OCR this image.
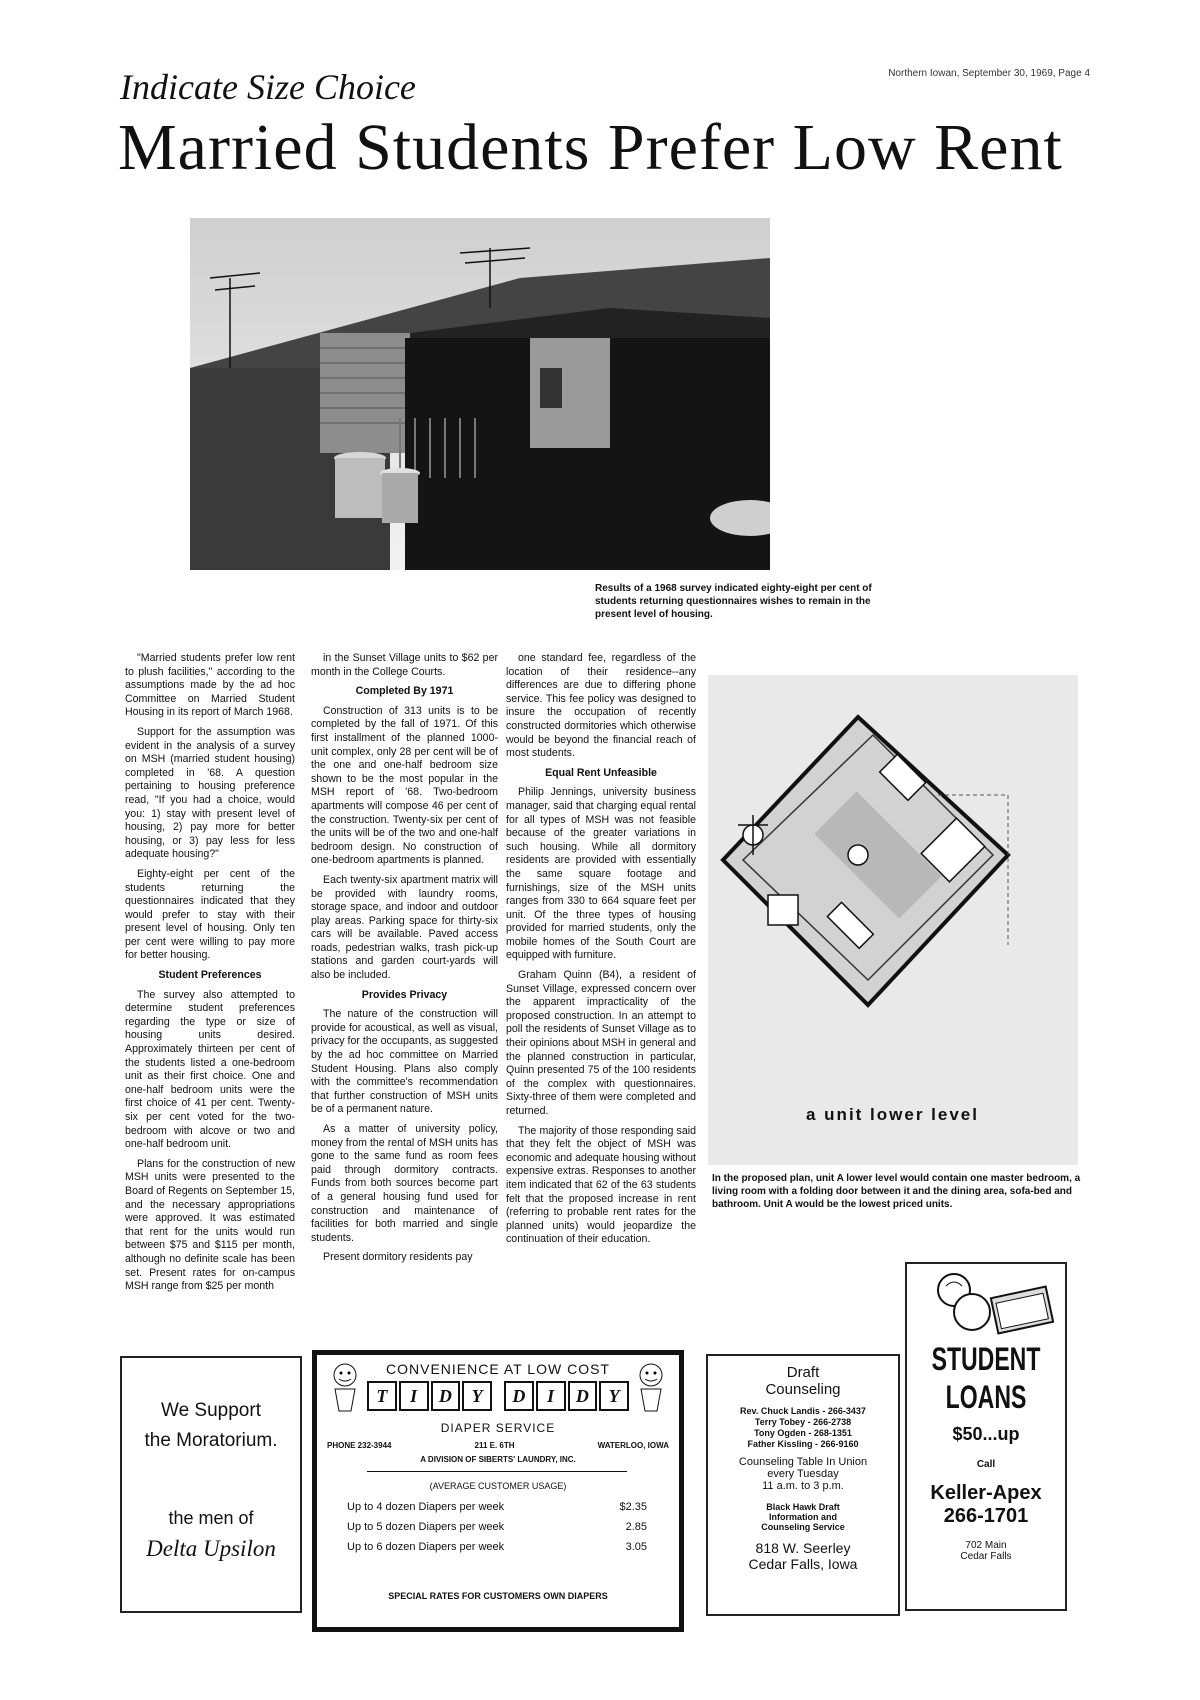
Indicate Size Choice	Northern Iowan, September 30, 1969, Page 4
Married Students Prefer Low Rent
Results of a 1968 survey indicated eighty-eight per cent of students returning questionnaires wishes to remain in the present level of housing.

"Married students prefer low rent to plush facilities," according to the assumptions made by the ad hoc Committee on Married Student Housing in its report of March 1968.

Support for the assumption was evident in the analysis of a survey on MSH (married student housing) completed in '68. A question pertaining to housing preference read, "If you had a choice, would you: 1) stay with present level of housing, 2) pay more for better housing, or 3) pay less for less adequate housing?"

Eighty-eight per cent of the students returning the questionnaires indicated that they would prefer to stay with their present level of housing. Only ten per cent were willing to pay more for better housing.

Student Preferences

The survey also attempted to determine student preferences regarding the type or size of housing units desired. Approximately thirteen per cent of the students listed a one-bedroom unit as their first choice. One and one-half bedroom units were the first choice of 41 per cent. Twenty-six per cent voted for the two-bedroom with alcove or two and one-half bedroom unit.

Plans for the construction of new MSH units were presented to the Board of Regents on September 15, and the necessary appropriations were approved. It was estimated that rent for the units would run between $75 and $115 per month, although no definite scale has been set. Present rates for on-campus MSH range from $25 per month

in the Sunset Village units to $62 per month in the College Courts.

Completed By 1971

Construction of 313 units is to be completed by the fall of 1971. Of this first installment of the planned 1000-unit complex, only 28 per cent will be of the one and one-half bedroom size shown to be the most popular in the MSH report of '68. Two-bedroom apartments will compose 46 per cent of the construction. Twenty-six per cent of the units will be of the two and one-half bedroom design. No construction of one-bedroom apartments is planned.

Each twenty-six apartment matrix will be provided with laundry rooms, storage space, and indoor and outdoor play areas. Parking space for thirty-six cars will be available. Paved access roads, pedestrian walks, trash pick-up stations and garden court-yards will also be included.

Provides Privacy

The nature of the construction will provide for acoustical, as well as visual, privacy for the occupants, as suggested by the ad hoc committee on Married Student Housing. Plans also comply with the committee's recommendation that further construction of MSH units be of a permanent nature.

As a matter of university policy, money from the rental of MSH units has gone to the same fund as room fees paid through dormitory contracts. Funds from both sources become part of a general housing fund used for construction and maintenance of facilities for both married and single students.

Present dormitory residents pay

one standard fee, regardless of the location of their residence--any differences are due to differing phone service. This fee policy was designed to insure the occupation of recently constructed dormitories which otherwise would be beyond the financial reach of most students.

Equal Rent Unfeasible

Philip Jennings, university business manager, said that charging equal rental for all types of MSH was not feasible because of the greater variations in such housing. While all dormitory residents are provided with essentially the same square footage and furnishings, size of the MSH units ranges from 330 to 664 square feet per unit. Of the three types of housing provided for married students, only the mobile homes of the South Court are equipped with furniture.

Graham Quinn (B4), a resident of Sunset Village, expressed concern over the apparent impracticality of the proposed construction. In an attempt to poll the residents of Sunset Village as to their opinions about MSH in general and the planned construction in particular, Quinn presented 75 of the 100 residents of the complex with questionnaires. Sixty-three of them were completed and returned.

The majority of those responding said that they felt the object of MSH was economic and adequate housing without expensive extras. Responses to another item indicated that 62 of the 63 students felt that the proposed increase in rent (referring to probable rent rates for the planned units) would jeopardize the continuation of their education.

a unit lower level
In the proposed plan, unit A lower level would contain one master bedroom, a living room with a folding door between it and the dining area, sofa-bed and bathroom. Unit A would be the lowest priced units.
We Support
the Moratorium.
the men of
Delta Upsilon
CONVENIENCE AT LOW COST
T	I	D	Y	D	I	D	Y
DIAPER SERVICE
PHONE 232-3944	211 E. 6TH	WATERLOO, IOWA
A DIVISION OF SIBERTS' LAUNDRY, INC.
(AVERAGE CUSTOMER USAGE)
Up to 4 dozen Diapers per week	$2.35
Up to 5 dozen Diapers per week	2.85
Up to 6 dozen Diapers per week	3.05
SPECIAL RATES FOR CUSTOMERS OWN DIAPERS
Draft
Counseling
Rev. Chuck Landis - 266-3437
Terry Tobey - 266-2738
Tony Ogden - 268-1351
Father Kissling - 266-9160
Counseling Table In Union
every Tuesday
11 a.m. to 3 p.m.
Black Hawk Draft
Information and
Counseling Service
818 W. Seerley
Cedar Falls, Iowa
STUDENT
LOANS
$50...up
Call
Keller-Apex
266-1701
702 Main
Cedar Falls
